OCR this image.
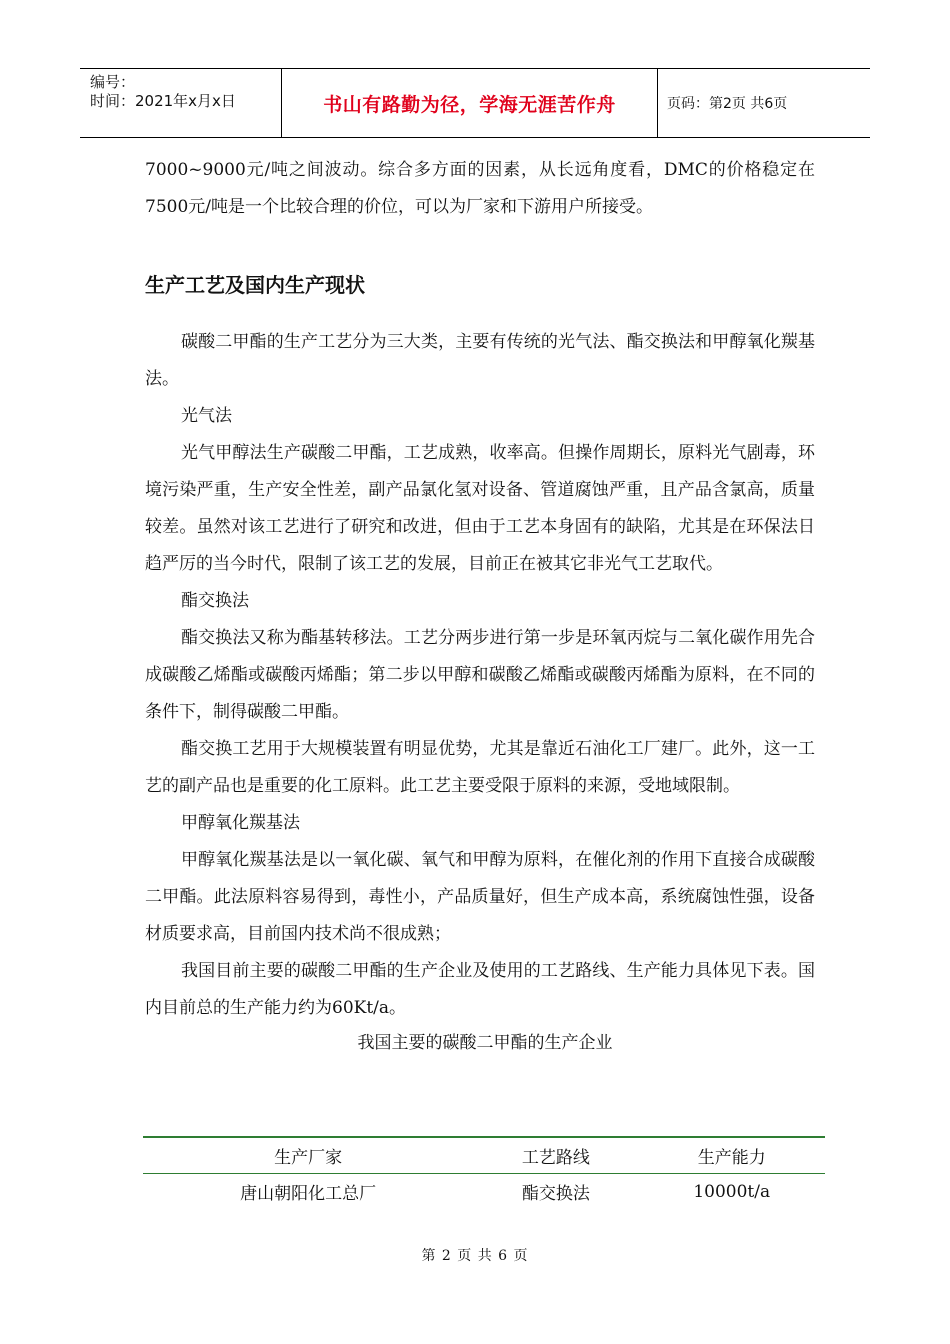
编号：
时间：2021年x月x日	书山有路勤为径，学海无涯苦作舟	页码：第2页 共6页

7000~9000元/吨之间波动。综合多方面的因素，从长远角度看，DMC的价格稳定在7500元/吨是一个比较合理的价位，可以为厂家和下游用户所接受。

生产工艺及国内生产现状

碳酸二甲酯的生产工艺分为三大类，主要有传统的光气法、酯交换法和甲醇氧化羰基法。

光气法

光气甲醇法生产碳酸二甲酯，工艺成熟，收率高。但操作周期长，原料光气剧毒，环境污染严重，生产安全性差，副产品氯化氢对设备、管道腐蚀严重，且产品含氯高，质量较差。虽然对该工艺进行了研究和改进，但由于工艺本身固有的缺陷，尤其是在环保法日趋严厉的当今时代，限制了该工艺的发展，目前正在被其它非光气工艺取代。

酯交换法

酯交换法又称为酯基转移法。工艺分两步进行第一步是环氧丙烷与二氧化碳作用先合成碳酸乙烯酯或碳酸丙烯酯；第二步以甲醇和碳酸乙烯酯或碳酸丙烯酯为原料，在不同的条件下，制得碳酸二甲酯。

酯交换工艺用于大规模装置有明显优势，尤其是靠近石油化工厂建厂。此外，这一工艺的副产品也是重要的化工原料。此工艺主要受限于原料的来源，受地域限制。

甲醇氧化羰基法

甲醇氧化羰基法是以一氧化碳、氧气和甲醇为原料，在催化剂的作用下直接合成碳酸二甲酯。此法原料容易得到，毒性小，产品质量好，但生产成本高，系统腐蚀性强，设备材质要求高，目前国内技术尚不很成熟；

我国目前主要的碳酸二甲酯的生产企业及使用的工艺路线、生产能力具体见下表。国内目前总的生产能力约为60Kt/a。

我国主要的碳酸二甲酯的生产企业

生产厂家	工艺路线	生产能力
唐山朝阳化工总厂	酯交换法	10000t/a
第 2 页 共 6 页
